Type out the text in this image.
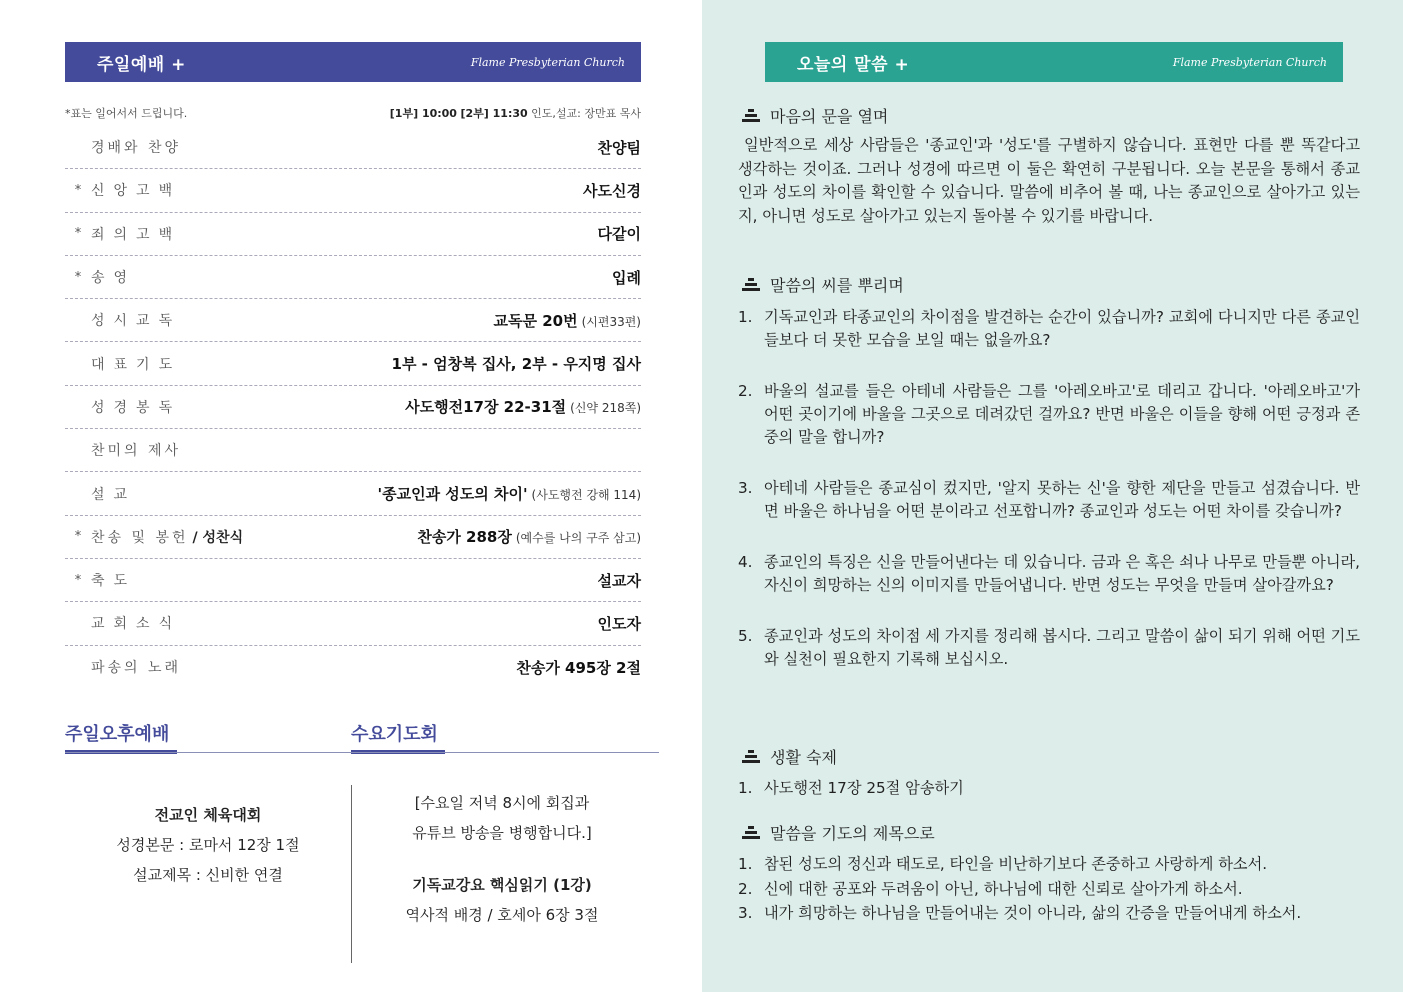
주일예배 +	Flame Presbyterian Church
*표는 일어서서 드립니다.	[1부] 10:00 [2부] 11:30 인도,설교: 장만표 목사
경배와 찬양	찬양팀
* 신앙고백	사도신경
* 죄의고백	다같이
* 송영	입례
성시교독	교독문 20번 (시편33편)
대표기도	1부 - 엄창복 집사, 2부 - 우지명 집사
성경봉독	사도행전17장 22-31절 (신약 218쪽)
찬미의 제사
설교	'종교인과 성도의 차이' (사도행전 강해 114)
* 찬송 및 봉헌 / 성찬식	찬송가 288장 (예수를 나의 구주 삼고)
* 축도	설교자
교회소식	인도자
파송의 노래	찬송가 495장 2절
주일오후예배	수요기도회
전교인 체육대회
성경본문 : 로마서 12장 1절
설교제목 : 신비한 연결
[수요일 저녁 8시에 회집과
유튜브 방송을 병행합니다.]
기독교강요 핵심읽기 (1강)
역사적 배경 / 호세아 6장 3절
오늘의 말씀 +	Flame Presbyterian Church
마음의 문을 열며
일반적으로 세상 사람들은 '종교인'과 '성도'를 구별하지 않습니다. 표현만 다를 뿐 똑같다고 생각하는 것이죠. 그러나 성경에 따르면 이 둘은 확연히 구분됩니다. 오늘 본문을 통해서 종교인과 성도의 차이를 확인할 수 있습니다. 말씀에 비추어 볼 때, 나는 종교인으로 살아가고 있는지, 아니면 성도로 살아가고 있는지 돌아볼 수 있기를 바랍니다.
말씀의 씨를 뿌리며
1. 기독교인과 타종교인의 차이점을 발견하는 순간이 있습니까? 교회에 다니지만 다른 종교인들보다 더 못한 모습을 보일 때는 없을까요?
2. 바울의 설교를 들은 아테네 사람들은 그를 '아레오바고'로 데리고 갑니다. '아레오바고'가 어떤 곳이기에 바울을 그곳으로 데려갔던 걸까요? 반면 바울은 이들을 향해 어떤 긍정과 존중의 말을 합니까?
3. 아테네 사람들은 종교심이 컸지만, '알지 못하는 신'을 향한 제단을 만들고 섬겼습니다. 반면 바울은 하나님을 어떤 분이라고 선포합니까? 종교인과 성도는 어떤 차이를 갖습니까?
4. 종교인의 특징은 신을 만들어낸다는 데 있습니다. 금과 은 혹은 쇠나 나무로 만들뿐 아니라, 자신이 희망하는 신의 이미지를 만들어냅니다. 반면 성도는 무엇을 만들며 살아갈까요?
5. 종교인과 성도의 차이점 세 가지를 정리해 봅시다. 그리고 말씀이 삶이 되기 위해 어떤 기도와 실천이 필요한지 기록해 보십시오.
생활 숙제
1. 사도행전 17장 25절 암송하기
말씀을 기도의 제목으로
1. 참된 성도의 정신과 태도로, 타인을 비난하기보다 존중하고 사랑하게 하소서.
2. 신에 대한 공포와 두려움이 아닌, 하나님에 대한 신뢰로 살아가게 하소서.
3. 내가 희망하는 하나님을 만들어내는 것이 아니라, 삶의 간증을 만들어내게 하소서.
